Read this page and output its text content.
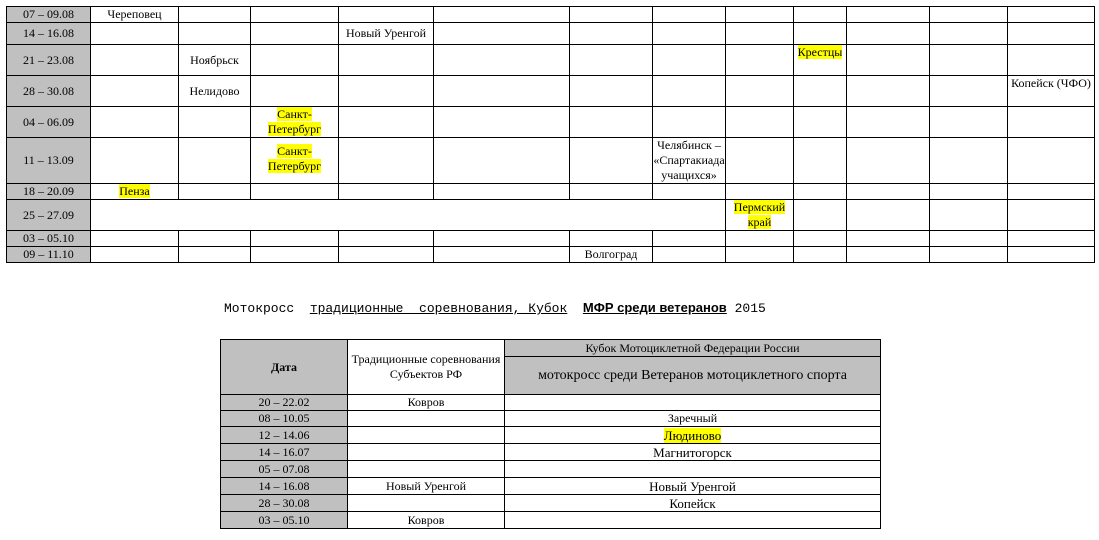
07 – 09.08	Череповец												
14 – 16.08				Новый Уренгой									
21 – 23.08		Ноябрьск							Крестцы				
28 – 30.08		Нелидово										Копейск (ЧФО)	
04 – 06.09			Санкт-Петербург										
11 – 13.09			Санкт-Петербург				Челябинск – «Спартакиада учащихся»						
18 – 20.09	Пенза												
25 – 27.09								Пермский край					
03 – 05.10													
09 – 11.10						Волгоград							
Мотокросс традиционные  соревнования, Кубок МФР среди ветеранов 2015
Дата	Традиционные соревнования Субъектов РФ	Кубок Мотоциклетной Федерации России
		мотокросс среди Ветеранов мотоциклетного спорта
20 – 22.02	Ковров	
08 – 10.05		Заречный
12 – 14.06		Людиново
14 – 16.07		Магнитогорск
05 – 07.08		
14 – 16.08	Новый Уренгой	Новый Уренгой
28 – 30.08		Копейск
03 – 05.10	Ковров	
